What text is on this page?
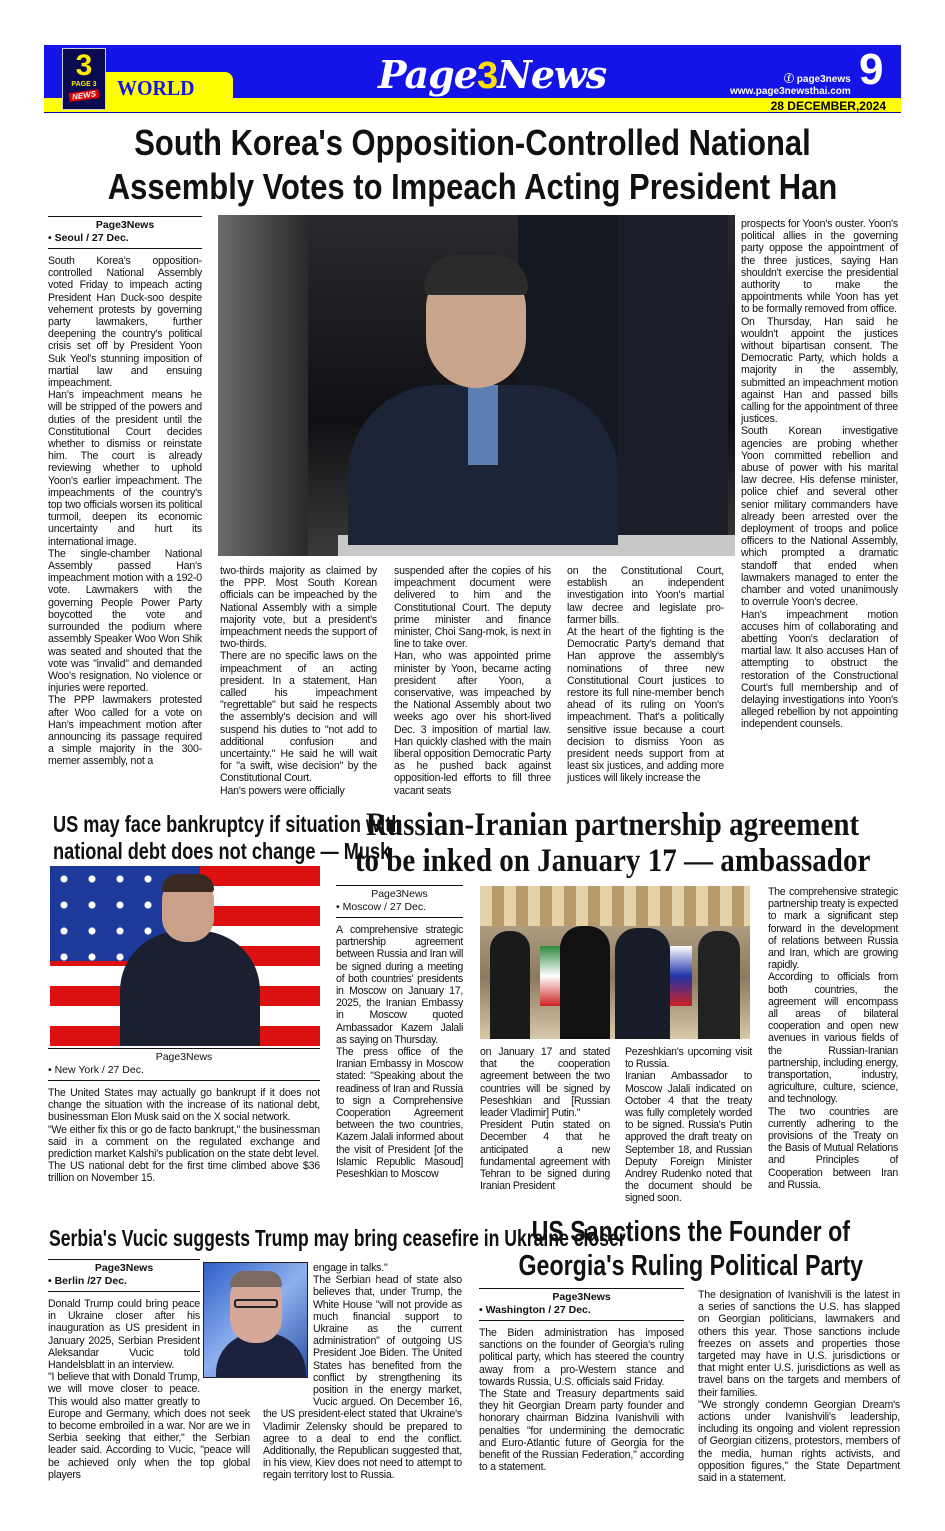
WORLD
3
PAGE 3
NEWS	Page3News	ⓕ page3news
www.page3newsthai.com 9
28 DECEMBER,2024
South Korea's Opposition-Controlled National
Assembly Votes to Impeach Acting President Han
Page3News
• Seoul / 27 Dec.

South Korea's opposition-controlled National Assembly voted Friday to impeach acting President Han Duck-soo despite vehement protests by governing party lawmakers, further deepening the country's political crisis set off by President Yoon Suk Yeol's stunning imposition of martial law and ensuing impeachment.

Han's impeachment means he will be stripped of the powers and duties of the president until the Constitutional Court decides whether to dismiss or reinstate him. The court is already reviewing whether to uphold Yoon's earlier impeachment. The impeachments of the country's top two officials worsen its political turmoil, deepen its economic uncertainty and hurt its international image.

The single-chamber National Assembly passed Han's impeachment motion with a 192-0 vote. Lawmakers with the governing People Power Party boycotted the vote and surrounded the podium where assembly Speaker Woo Won Shik was seated and shouted that the vote was "invalid" and demanded Woo's resignation. No violence or injuries were reported.

The PPP lawmakers protested after Woo called for a vote on Han's impeachment motion after announcing its passage required a simple majority in the 300-memer assembly, not a

two-thirds majority as claimed by the PPP. Most South Korean officials can be impeached by the National Assembly with a simple majority vote, but a president's impeachment needs the support of two-thirds.

There are no specific laws on the impeachment of an acting president. In a statement, Han called his impeachment "regrettable" but said he respects the assembly's decision and will suspend his duties to "not add to additional confusion and uncertainty." He said he will wait for "a swift, wise decision" by the Constitutional Court.

Han's powers were officially

suspended after the copies of his impeachment document were delivered to him and the Constitutional Court. The deputy prime minister and finance minister, Choi Sang-mok, is next in line to take over.

Han, who was appointed prime minister by Yoon, became acting president after Yoon, a conservative, was impeached by the National Assembly about two weeks ago over his short-lived Dec. 3 imposition of martial law. Han quickly clashed with the main liberal opposition Democratic Party as he pushed back against opposition-led efforts to fill three vacant seats

on the Constitutional Court, establish an independent investigation into Yoon's martial law decree and legislate pro-farmer bills.

At the heart of the fighting is the Democratic Party's demand that Han approve the assembly's nominations of three new Constitutional Court justices to restore its full nine-member bench ahead of its ruling on Yoon's impeachment. That's a politically sensitive issue because a court decision to dismiss Yoon as president needs support from at least six justices, and adding more justices will likely increase the

prospects for Yoon's ouster. Yoon's political allies in the governing party oppose the appointment of the three justices, saying Han shouldn't exercise the presidential authority to make the appointments while Yoon has yet to be formally removed from office.

On Thursday, Han said he wouldn't appoint the justices without bipartisan consent. The Democratic Party, which holds a majority in the assembly, submitted an impeachment motion against Han and passed bills calling for the appointment of three justices.

South Korean investigative agencies are probing whether Yoon committed rebellion and abuse of power with his marital law decree. His defense minister, police chief and several other senior military commanders have already been arrested over the deployment of troops and police officers to the National Assembly, which prompted a dramatic standoff that ended when lawmakers managed to enter the chamber and voted unanimously to overrule Yoon's decree.

Han's impeachment motion accuses him of collaborating and abetting Yoon's declaration of martial law. It also accuses Han of attempting to obstruct the restoration of the Constructional Court's full membership and of delaying investigations into Yoon's alleged rebellion by not appointing independent counsels.

US may face bankruptcy if situation with
national debt does not change — Musk
Page3News
• New York / 27 Dec.

The United States may actually go bankrupt if it does not change the situation with the increase of its national debt, businessman Elon Musk said on the X social network.

"We either fix this or go de facto bankrupt," the businessman said in a comment on the regulated exchange and prediction market Kalshi's publication on the state debt level.

The US national debt for the first time climbed above $36 trillion on November 15.

Russian-Iranian partnership agreement
to be inked on January 17 — ambassador
Page3News
• Moscow / 27 Dec.

A comprehensive strategic partnership agreement between Russia and Iran will be signed during a meeting of both countries' presidents in Moscow on January 17, 2025, the Iranian Embassy in Moscow quoted Ambassador Kazem Jalali as saying on Thursday.

The press office of the Iranian Embassy in Moscow stated: "Speaking about the readiness of Iran and Russia to sign a Comprehensive Cooperation Agreement between the two countries, Kazem Jalali informed about the visit of President [of the Islamic Republic Masoud] Peseshkian to Moscow

on January 17 and stated that the cooperation agreement between the two countries will be signed by Peseshkian and [Russian leader Vladimir] Putin."

President Putin stated on December 4 that he anticipated a new fundamental agreement with Tehran to be signed during Iranian President

Pezeshkian's upcoming visit to Russia.

Iranian Ambassador to Moscow Jalali indicated on October 4 that the treaty was fully completely worded to be signed. Russia's Putin approved the draft treaty on September 18, and Russian Deputy Foreign Minister Andrey Rudenko noted that the document should be signed soon.

The comprehensive strategic partnership treaty is expected to mark a significant step forward in the development of relations between Russia and Iran, which are growing rapidly.

According to officials from both countries, the agreement will encompass all areas of bilateral cooperation and open new avenues in various fields of the Russian-Iranian partnership, including energy, transportation, industry, agriculture, culture, science, and technology.

The two countries are currently adhering to the provisions of the Treaty on the Basis of Mutual Relations and Principles of Cooperation between Iran and Russia.

Serbia's Vucic suggests Trump may bring ceasefire in Ukraine closer
Page3News
• Berlin /27 Dec.

Donald Trump could bring peace in Ukraine closer after his inauguration as US president in January 2025, Serbian President Aleksandar Vucic told Handelsblatt in an interview.

"I believe that with Donald Trump, we will move closer to peace. This would also matter greatly to Europe and Germany, which does not seek to become embroiled in a war. Nor are we in Serbia seeking that either," the Serbian leader said. According to Vucic, "peace will be achieved only when the top global players

engage in talks."

The Serbian head of state also believes that, under Trump, the White House "will not provide as much financial support to Ukraine as the current administration" of outgoing US President Joe Biden. The United States has benefited from the conflict by strengthening its position in the energy market, Vucic argued. On December 16, the US president-elect stated that Ukraine's Vladimir Zelensky should be prepared to agree to a deal to end the conflict. Additionally, the Republican suggested that, in his view, Kiev does not need to attempt to regain territory lost to Russia.

US Sanctions the Founder of
Georgia's Ruling Political Party
Page3News
• Washington / 27 Dec.

The Biden administration has imposed sanctions on the founder of Georgia's ruling political party, which has steered the country away from a pro-Western stance and towards Russia, U.S. officials said Friday.

The State and Treasury departments said they hit Georgian Dream party founder and honorary chairman Bidzina Ivanishvili with penalties "for undermining the democratic and Euro-Atlantic future of Georgia for the benefit of the Russian Federation," according to a statement.

The designation of Ivanishvili is the latest in a series of sanctions the U.S. has slapped on Georgian politicians, lawmakers and others this year. Those sanctions include freezes on assets and properties those targeted may have in U.S. jurisdictions or that might enter U.S. jurisdictions as well as travel bans on the targets and members of their families.

"We strongly condemn Georgian Dream's actions under Ivanishvili's leadership, including its ongoing and violent repression of Georgian citizens, protestors, members of the media, human rights activists, and opposition figures," the State Department said in a statement.
